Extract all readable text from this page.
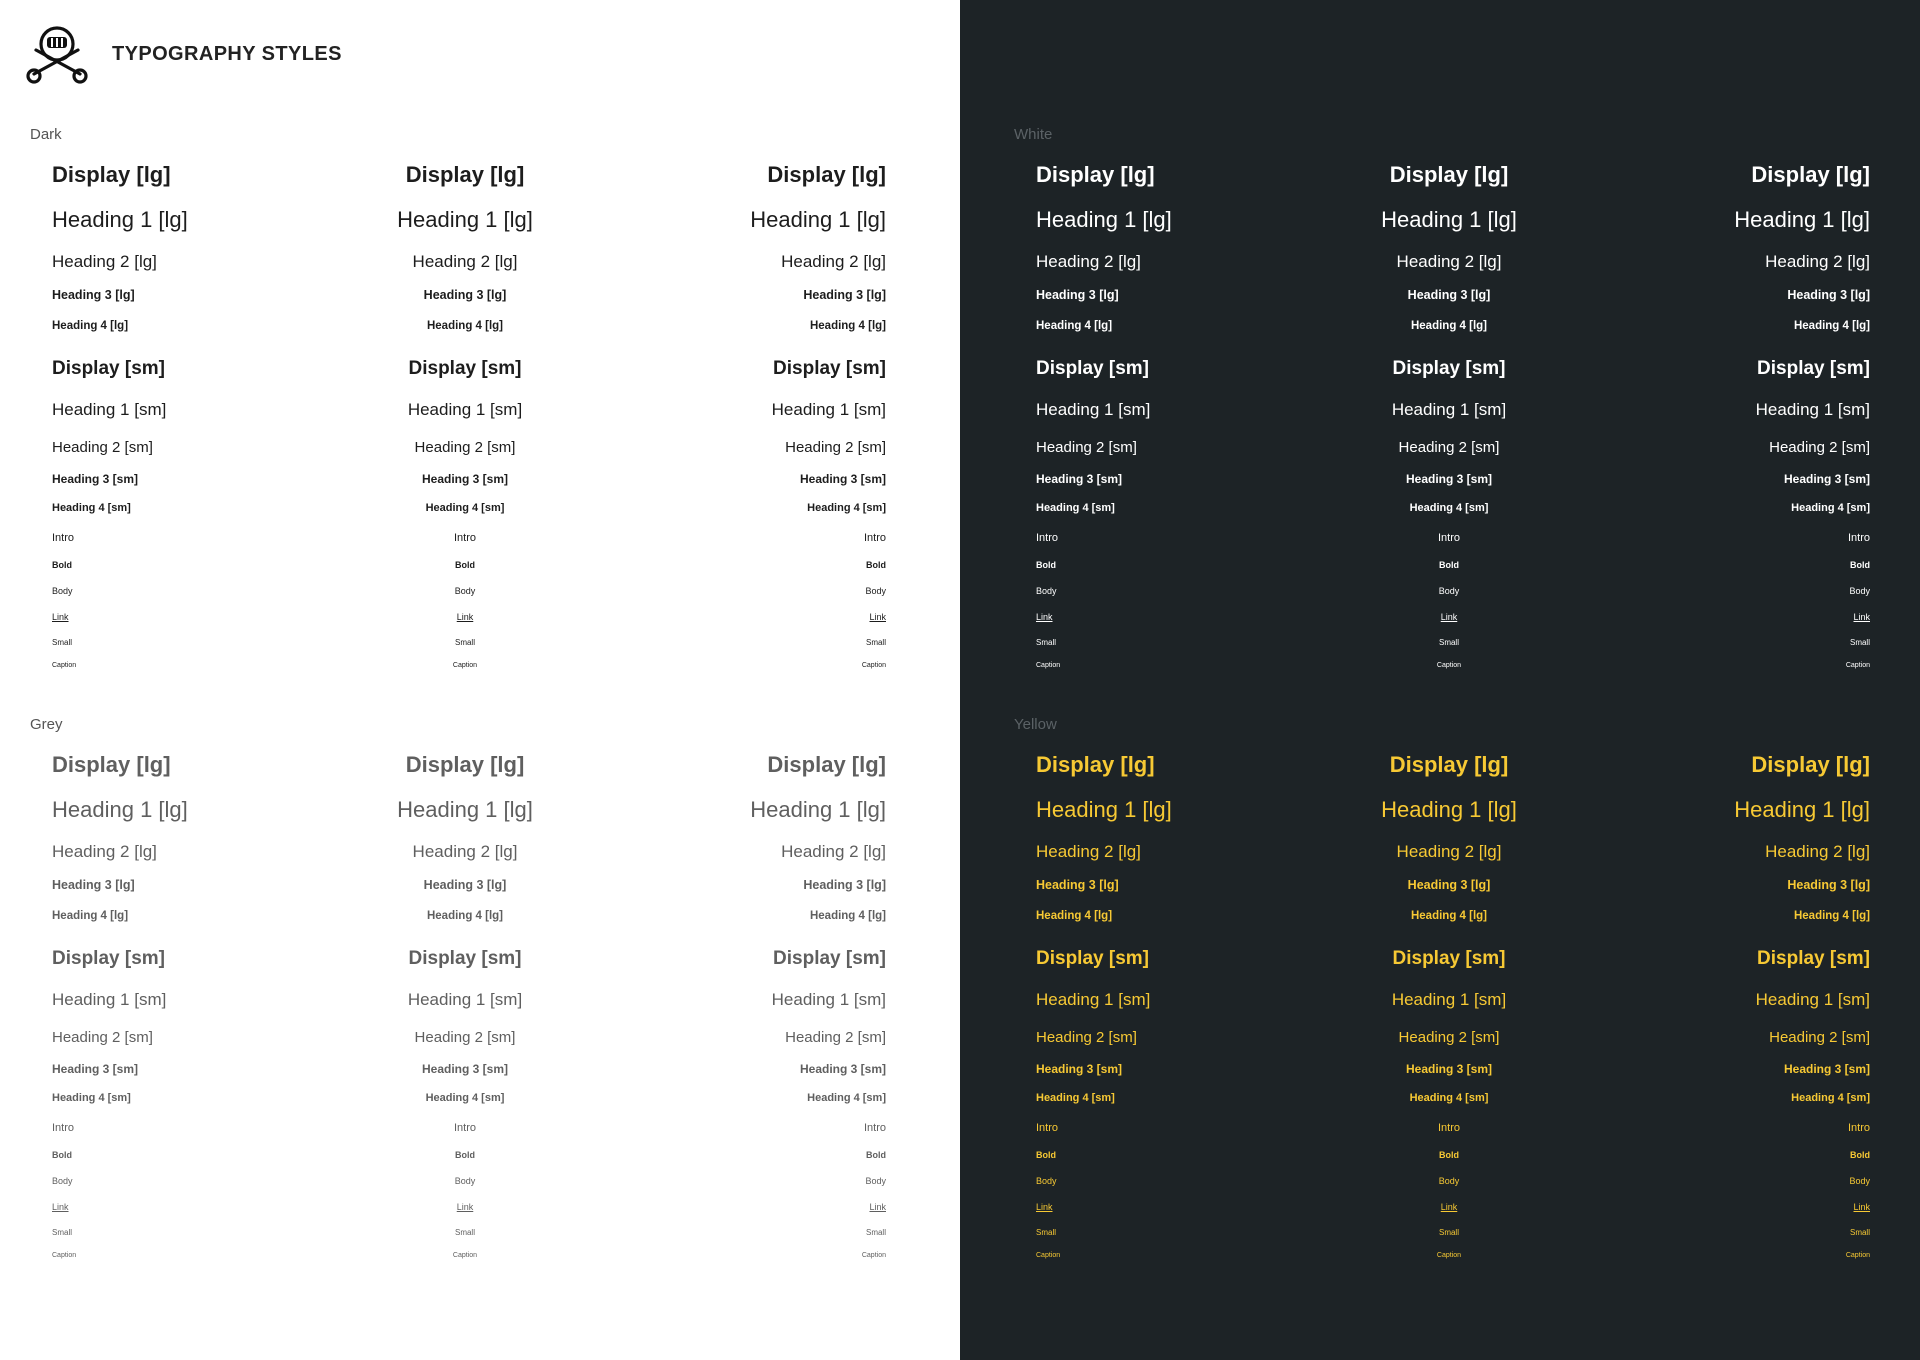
TYPOGRAPHY STYLES
Dark
Display [lg]
Heading 1 [lg]
Heading 2 [lg]
Heading 3 [lg]
Heading 4 [lg]
Display [sm]
Heading 1 [sm]
Heading 2 [sm]
Heading 3 [sm]
Heading 4 [sm]
Intro
Bold
Body
Link
Small
Caption
Display [lg]
Heading 1 [lg]
Heading 2 [lg]
Heading 3 [lg]
Heading 4 [lg]
Display [sm]
Heading 1 [sm]
Heading 2 [sm]
Heading 3 [sm]
Heading 4 [sm]
Intro
Bold
Body
Link
Small
Caption
Display [lg]
Heading 1 [lg]
Heading 2 [lg]
Heading 3 [lg]
Heading 4 [lg]
Display [sm]
Heading 1 [sm]
Heading 2 [sm]
Heading 3 [sm]
Heading 4 [sm]
Intro
Bold
Body
Link
Small
Caption
Grey
Display [lg]
Heading 1 [lg]
Heading 2 [lg]
Heading 3 [lg]
Heading 4 [lg]
Display [sm]
Heading 1 [sm]
Heading 2 [sm]
Heading 3 [sm]
Heading 4 [sm]
Intro
Bold
Body
Link
Small
Caption
Display [lg]
Heading 1 [lg]
Heading 2 [lg]
Heading 3 [lg]
Heading 4 [lg]
Display [sm]
Heading 1 [sm]
Heading 2 [sm]
Heading 3 [sm]
Heading 4 [sm]
Intro
Bold
Body
Link
Small
Caption
Display [lg]
Heading 1 [lg]
Heading 2 [lg]
Heading 3 [lg]
Heading 4 [lg]
Display [sm]
Heading 1 [sm]
Heading 2 [sm]
Heading 3 [sm]
Heading 4 [sm]
Intro
Bold
Body
Link
Small
Caption
White
Display [lg]
Heading 1 [lg]
Heading 2 [lg]
Heading 3 [lg]
Heading 4 [lg]
Display [sm]
Heading 1 [sm]
Heading 2 [sm]
Heading 3 [sm]
Heading 4 [sm]
Intro
Bold
Body
Link
Small
Caption
Display [lg]
Heading 1 [lg]
Heading 2 [lg]
Heading 3 [lg]
Heading 4 [lg]
Display [sm]
Heading 1 [sm]
Heading 2 [sm]
Heading 3 [sm]
Heading 4 [sm]
Intro
Bold
Body
Link
Small
Caption
Display [lg]
Heading 1 [lg]
Heading 2 [lg]
Heading 3 [lg]
Heading 4 [lg]
Display [sm]
Heading 1 [sm]
Heading 2 [sm]
Heading 3 [sm]
Heading 4 [sm]
Intro
Bold
Body
Link
Small
Caption
Yellow
Display [lg]
Heading 1 [lg]
Heading 2 [lg]
Heading 3 [lg]
Heading 4 [lg]
Display [sm]
Heading 1 [sm]
Heading 2 [sm]
Heading 3 [sm]
Heading 4 [sm]
Intro
Bold
Body
Link
Small
Caption
Display [lg]
Heading 1 [lg]
Heading 2 [lg]
Heading 3 [lg]
Heading 4 [lg]
Display [sm]
Heading 1 [sm]
Heading 2 [sm]
Heading 3 [sm]
Heading 4 [sm]
Intro
Bold
Body
Link
Small
Caption
Display [lg]
Heading 1 [lg]
Heading 2 [lg]
Heading 3 [lg]
Heading 4 [lg]
Display [sm]
Heading 1 [sm]
Heading 2 [sm]
Heading 3 [sm]
Heading 4 [sm]
Intro
Bold
Body
Link
Small
Caption
